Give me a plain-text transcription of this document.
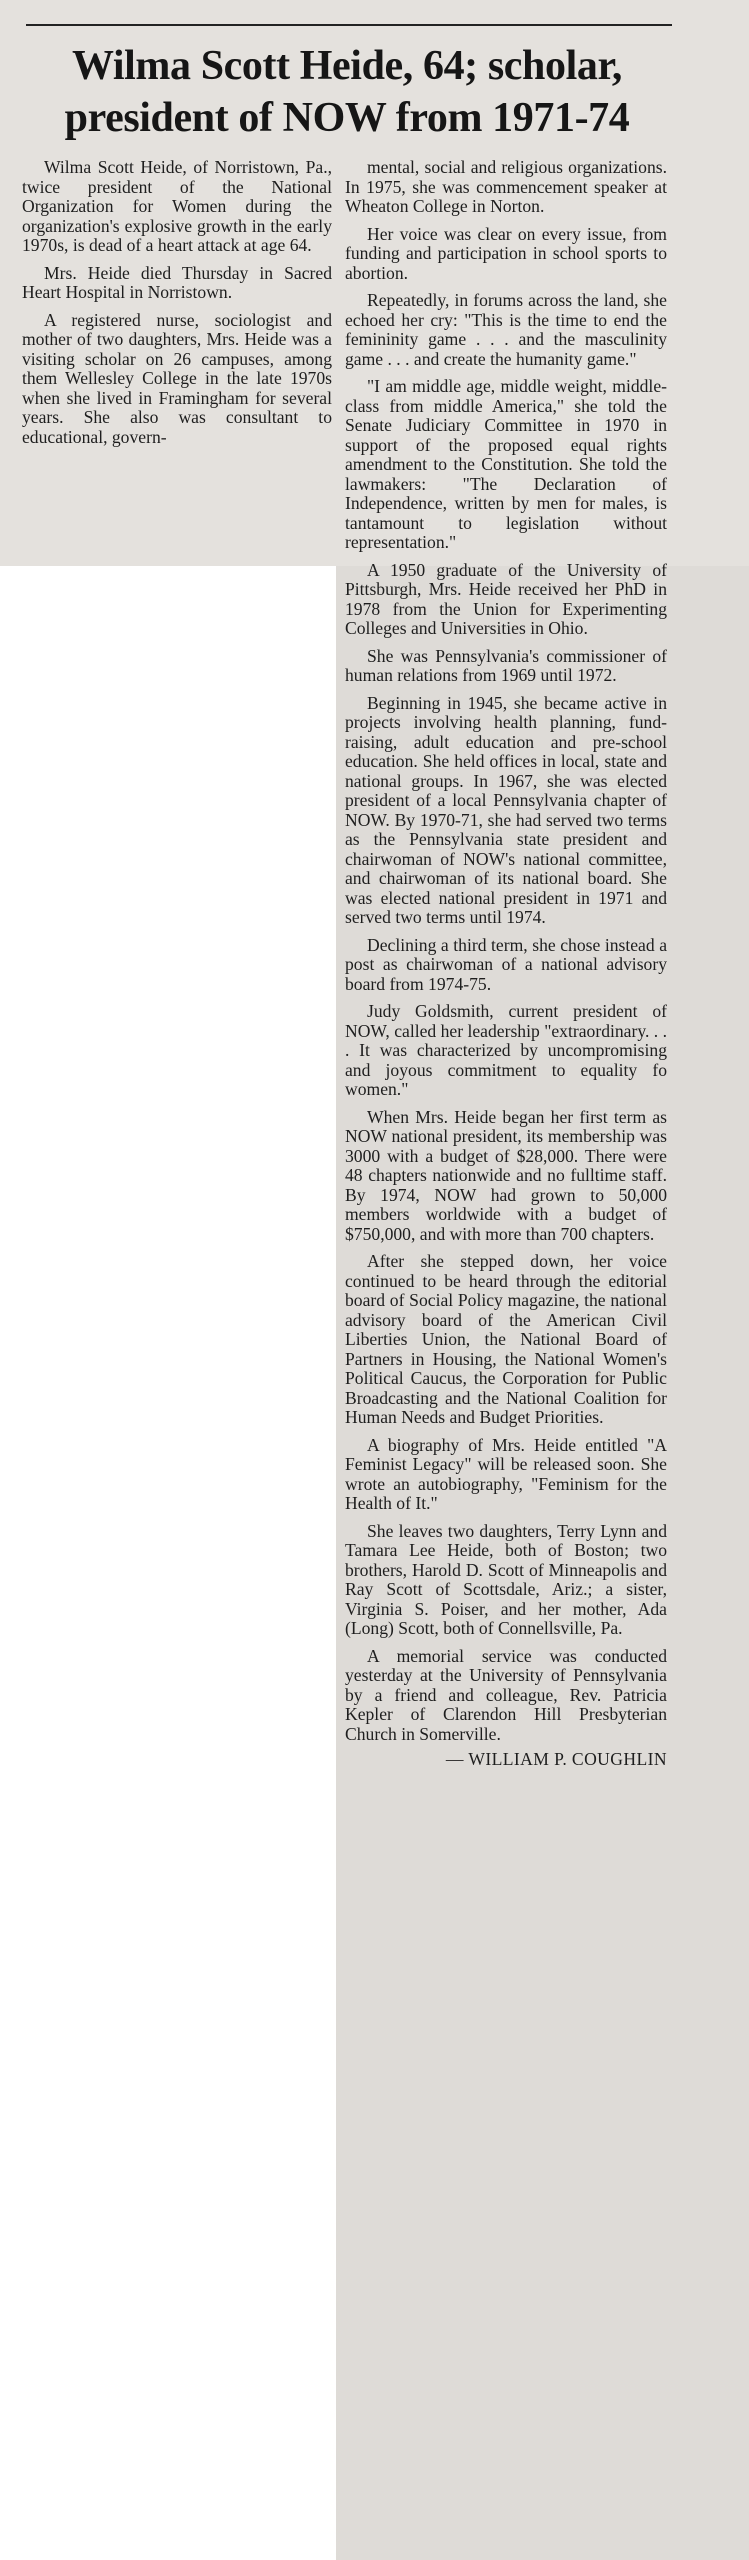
Wilma Scott Heide, 64; scholar, president of NOW from 1971-74

Wilma Scott Heide, of Norristown, Pa., twice president of the National Organization for Women during the organization's explosive growth in the early 1970s, is dead of a heart attack at age 64.

Mrs. Heide died Thursday in Sacred Heart Hospital in Norristown.

A registered nurse, sociologist and mother of two daughters, Mrs. Heide was a visiting scholar on 26 campuses, among them Wellesley College in the late 1970s when she lived in Framingham for several years. She also was consultant to educational, govern-

mental, social and religious organizations. In 1975, she was commencement speaker at Wheaton College in Norton.

Her voice was clear on every issue, from funding and participation in school sports to abortion.

Repeatedly, in forums across the land, she echoed her cry: "This is the time to end the femininity game . . . and the masculinity game . . . and create the humanity game."

"I am middle age, middle weight, middle-class from middle America," she told the Senate Judiciary Committee in 1970 in support of the proposed equal rights amendment to the Constitution. She told the lawmakers: "The Declaration of Independence, written by men for males, is tantamount to legislation without representation."

A 1950 graduate of the University of Pittsburgh, Mrs. Heide received her PhD in 1978 from the Union for Experimenting Colleges and Universities in Ohio.

She was Pennsylvania's commissioner of human relations from 1969 until 1972.

Beginning in 1945, she became active in projects involving health planning, fund-raising, adult education and pre-school education. She held offices in local, state and national groups. In 1967, she was elected president of a local Pennsylvania chapter of NOW. By 1970-71, she had served two terms as the Pennsylvania state president and chairwoman of NOW's national committee, and chairwoman of its national board. She was elected national president in 1971 and served two terms until 1974.

Declining a third term, she chose instead a post as chairwoman of a national advisory board from 1974-75.

Judy Goldsmith, current president of NOW, called her leadership "extraordinary. . . . It was characterized by uncompromising and joyous commitment to equality fo women."

When Mrs. Heide began her first term as NOW national president, its membership was 3000 with a budget of $28,000. There were 48 chapters nationwide and no fulltime staff. By 1974, NOW had grown to 50,000 members worldwide with a budget of $750,000, and with more than 700 chapters.

After she stepped down, her voice continued to be heard through the editorial board of Social Policy magazine, the national advisory board of the American Civil Liberties Union, the National Board of Partners in Housing, the National Women's Political Caucus, the Corporation for Public Broadcasting and the National Coalition for Human Needs and Budget Priorities.

A biography of Mrs. Heide entitled "A Feminist Legacy" will be released soon. She wrote an autobiography, "Feminism for the Health of It."

She leaves two daughters, Terry Lynn and Tamara Lee Heide, both of Boston; two brothers, Harold D. Scott of Minneapolis and Ray Scott of Scottsdale, Ariz.; a sister, Virginia S. Poiser, and her mother, Ada (Long) Scott, both of Connellsville, Pa.

A memorial service was conducted yesterday at the University of Pennsylvania by a friend and colleague, Rev. Patricia Kepler of Clarendon Hill Presbyterian Church in Somerville.

— WILLIAM P. COUGHLIN
